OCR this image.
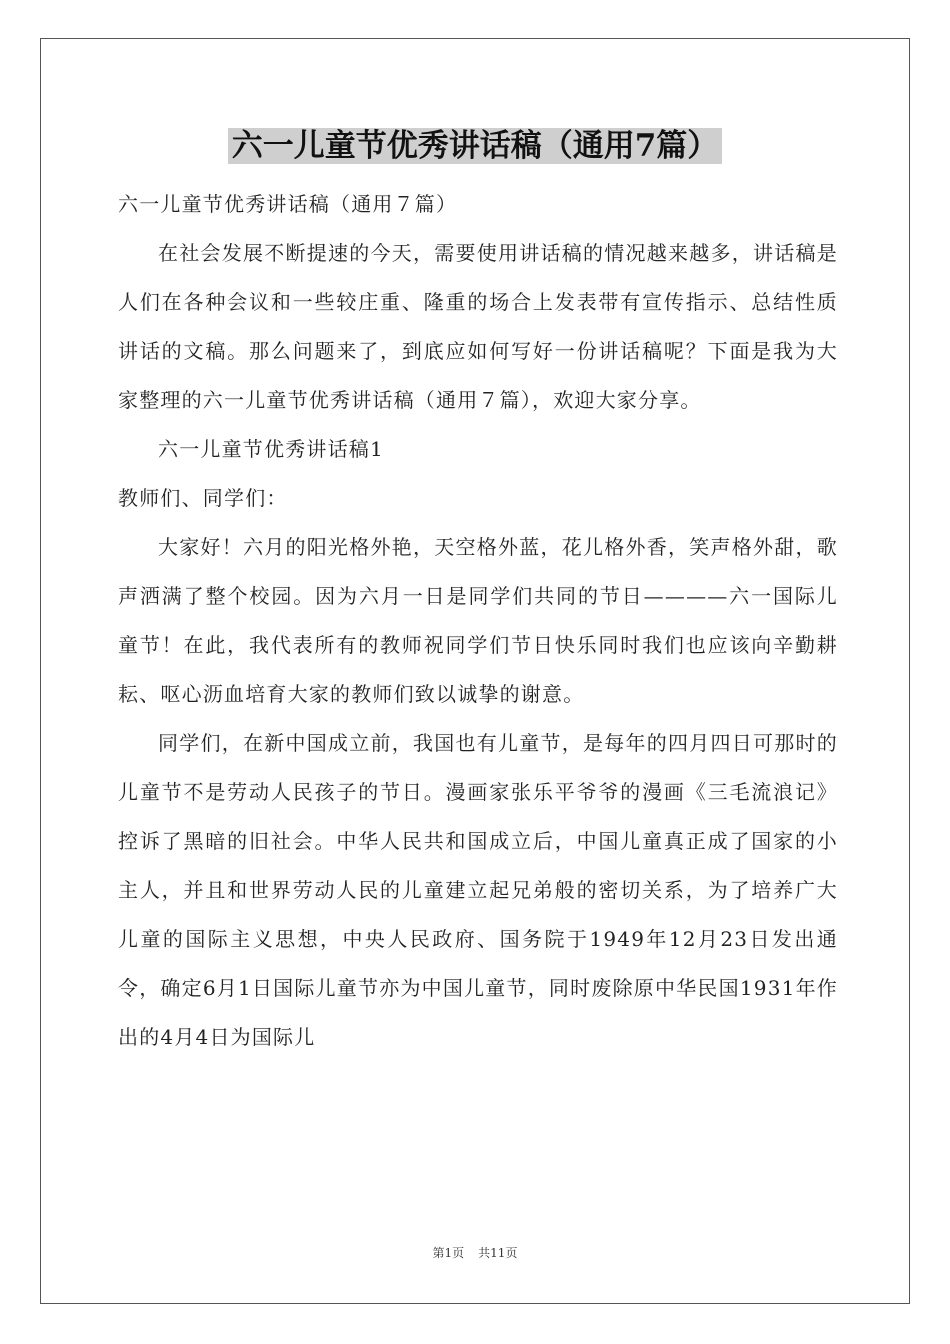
六一儿童节优秀讲话稿（通用7篇）

六一儿童节优秀讲话稿（通用７篇）

在社会发展不断提速的今天，需要使用讲话稿的情况越来越多，讲话稿是人们在各种会议和一些较庄重、隆重的场合上发表带有宣传指示、总结性质讲话的文稿。那么问题来了，到底应如何写好一份讲话稿呢？下面是我为大家整理的六一儿童节优秀讲话稿（通用７篇），欢迎大家分享。

六一儿童节优秀讲话稿1

教师们、同学们：

大家好！六月的阳光格外艳，天空格外蓝，花儿格外香，笑声格外甜，歌声洒满了整个校园。因为六月一日是同学们共同的节日————六一国际儿童节！在此，我代表所有的教师祝同学们节日快乐同时我们也应该向辛勤耕耘、呕心沥血培育大家的教师们致以诚挚的谢意。

同学们，在新中国成立前，我国也有儿童节，是每年的四月四日可那时的儿童节不是劳动人民孩子的节日。漫画家张乐平爷爷的漫画《三毛流浪记》控诉了黑暗的旧社会。中华人民共和国成立后，中国儿童真正成了国家的小主人，并且和世界劳动人民的儿童建立起兄弟般的密切关系，为了培养广大儿童的国际主义思想，中央人民政府、国务院于1949年12月23日发出通令，确定6月1日国际儿童节亦为中国儿童节，同时废除原中华民国1931年作出的4月4日为国际儿

第1页 共11页
